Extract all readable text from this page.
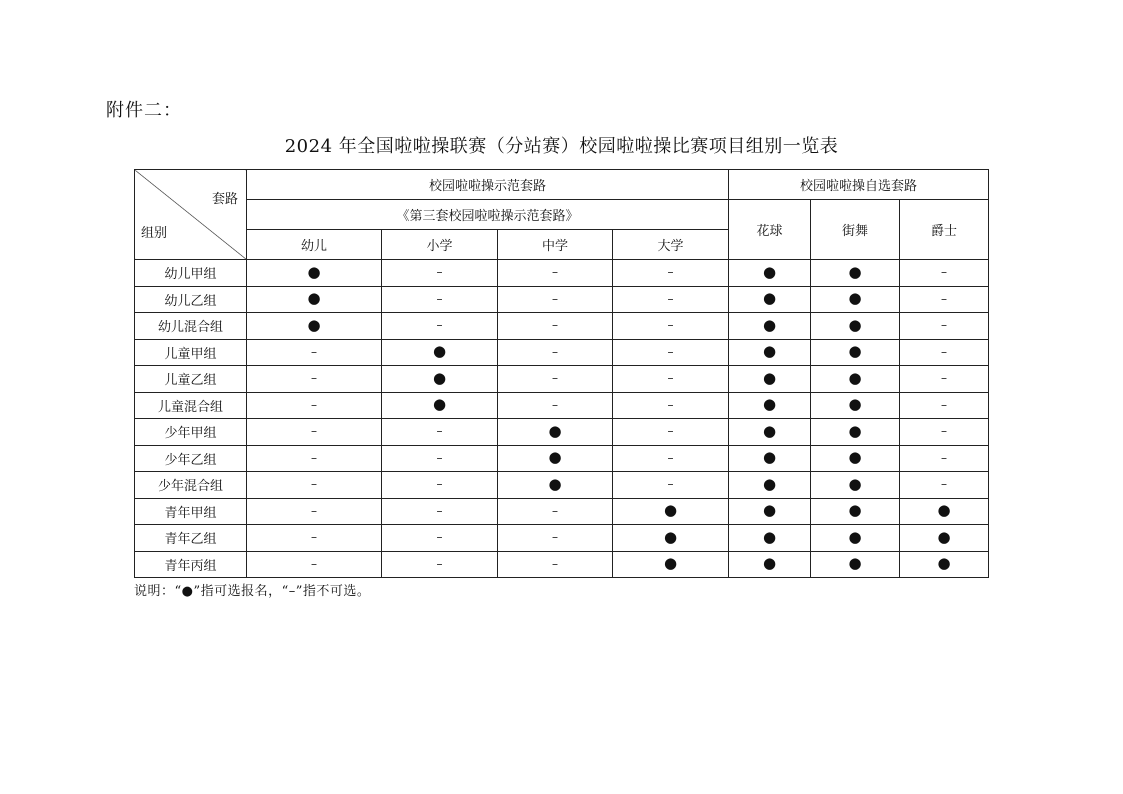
附件二：
2024 年全国啦啦操联赛（分站赛）校园啦啦操比赛项目组别一览表
套路
组别	校园啦啦操示范套路				校园啦啦操自选套路		
	《第三套校园啦啦操示范套路》				花球	街舞	爵士
	幼儿	小学	中学	大学			
幼儿甲组	●	–	–	–	●	●	–
幼儿乙组	●	–	–	–	●	●	–
幼儿混合组	●	–	–	–	●	●	–
儿童甲组	–	●	–	–	●	●	–
儿童乙组	–	●	–	–	●	●	–
儿童混合组	–	●	–	–	●	●	–
少年甲组	–	–	●	–	●	●	–
少年乙组	–	–	●	–	●	●	–
少年混合组	–	–	●	–	●	●	–
青年甲组	–	–	–	●	●	●	●
青年乙组	–	–	–	●	●	●	●
青年丙组	–	–	–	●	●	●	●
说明：“●”指可选报名，“–”指不可选。
